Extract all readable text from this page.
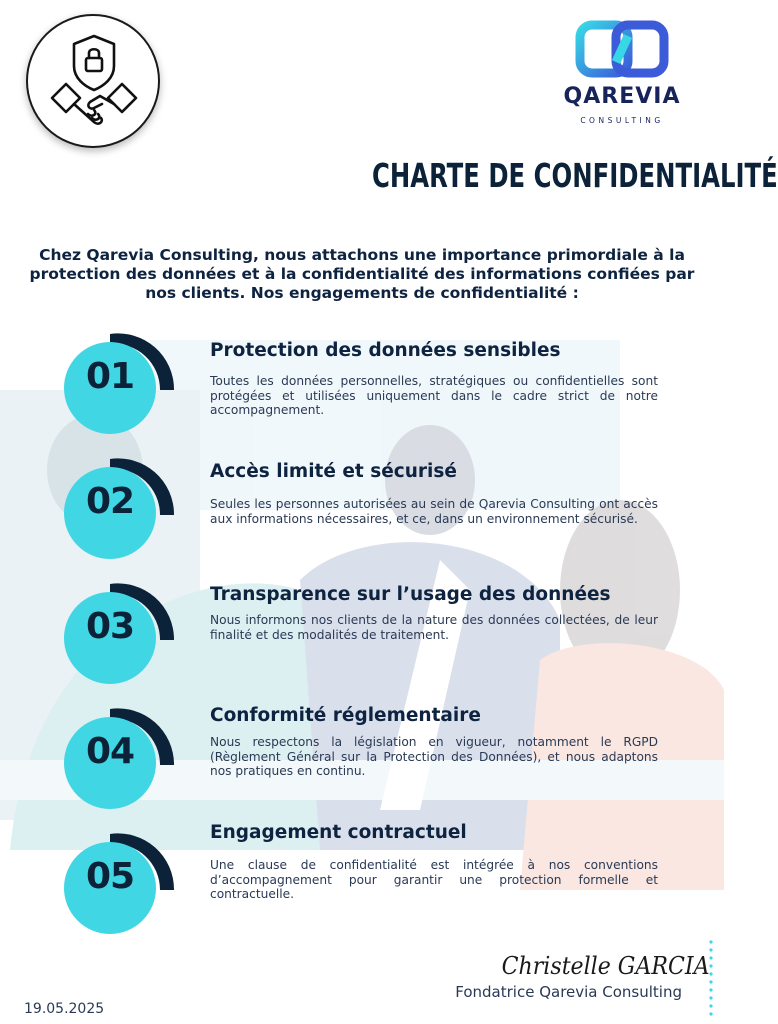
QAREVIA
CONSULTING
CHARTE DE CONFIDENTIALITÉ
Chez Qarevia Consulting, nous attachons une importance primordiale à la protection des données et à la confidentialité des informations confiées par nos clients. Nos engagements de confidentialité :
01
Protection des données sensibles
Toutes les données personnelles, stratégiques ou confidentielles sont protégées et utilisées uniquement dans le cadre strict de notre accompagnement.
02
Accès limité et sécurisé
Seules les personnes autorisées au sein de Qarevia Consulting ont accès aux informations nécessaires, et ce, dans un environnement sécurisé.
03
Transparence sur l’usage des données
Nous informons nos clients de la nature des données collectées, de leur finalité et des modalités de traitement.
04
Conformité réglementaire
Nous respectons la législation en vigueur, notamment le RGPD (Règlement Général sur la Protection des Données), et nous adaptons nos pratiques en continu.
05
Engagement contractuel
Une clause de confidentialité est intégrée à nos conventions d’accompagnement pour garantir une protection formelle et contractuelle.
Christelle GARCIA
Fondatrice Qarevia Consulting
19.05.2025
